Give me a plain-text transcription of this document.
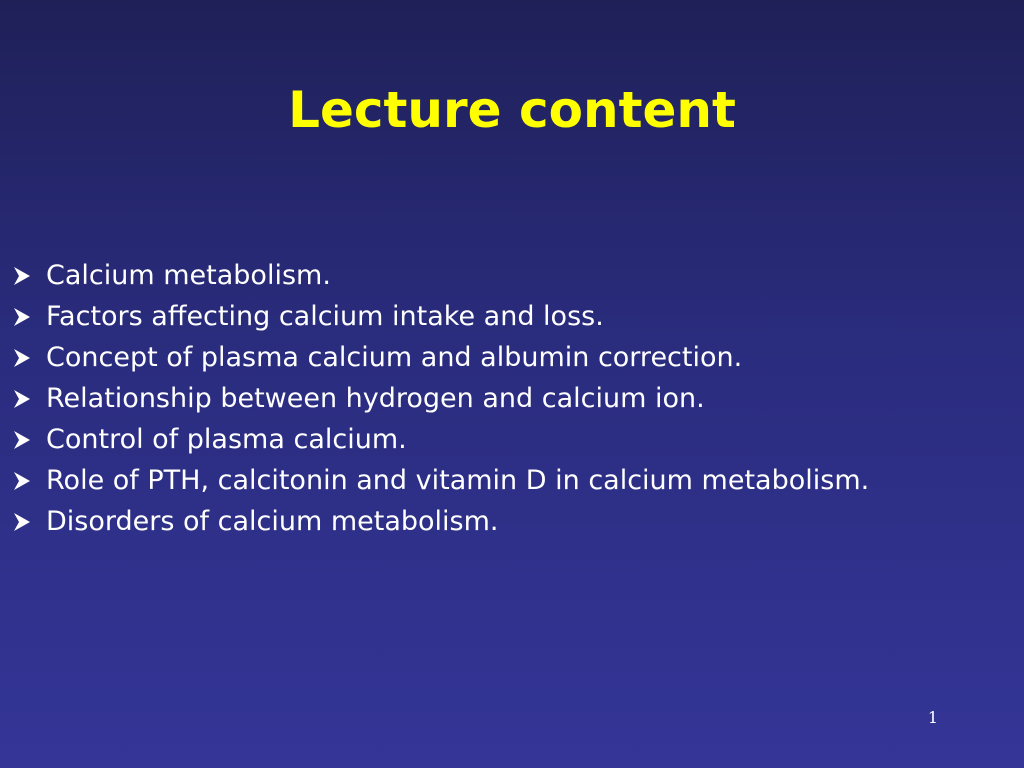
Lecture content
Calcium metabolism.
Factors affecting calcium intake and loss.
Concept of plasma calcium and albumin correction.
Relationship between hydrogen and calcium ion.
Control of plasma calcium.
Role of PTH, calcitonin and vitamin D in calcium metabolism.
Disorders of calcium metabolism.
1
